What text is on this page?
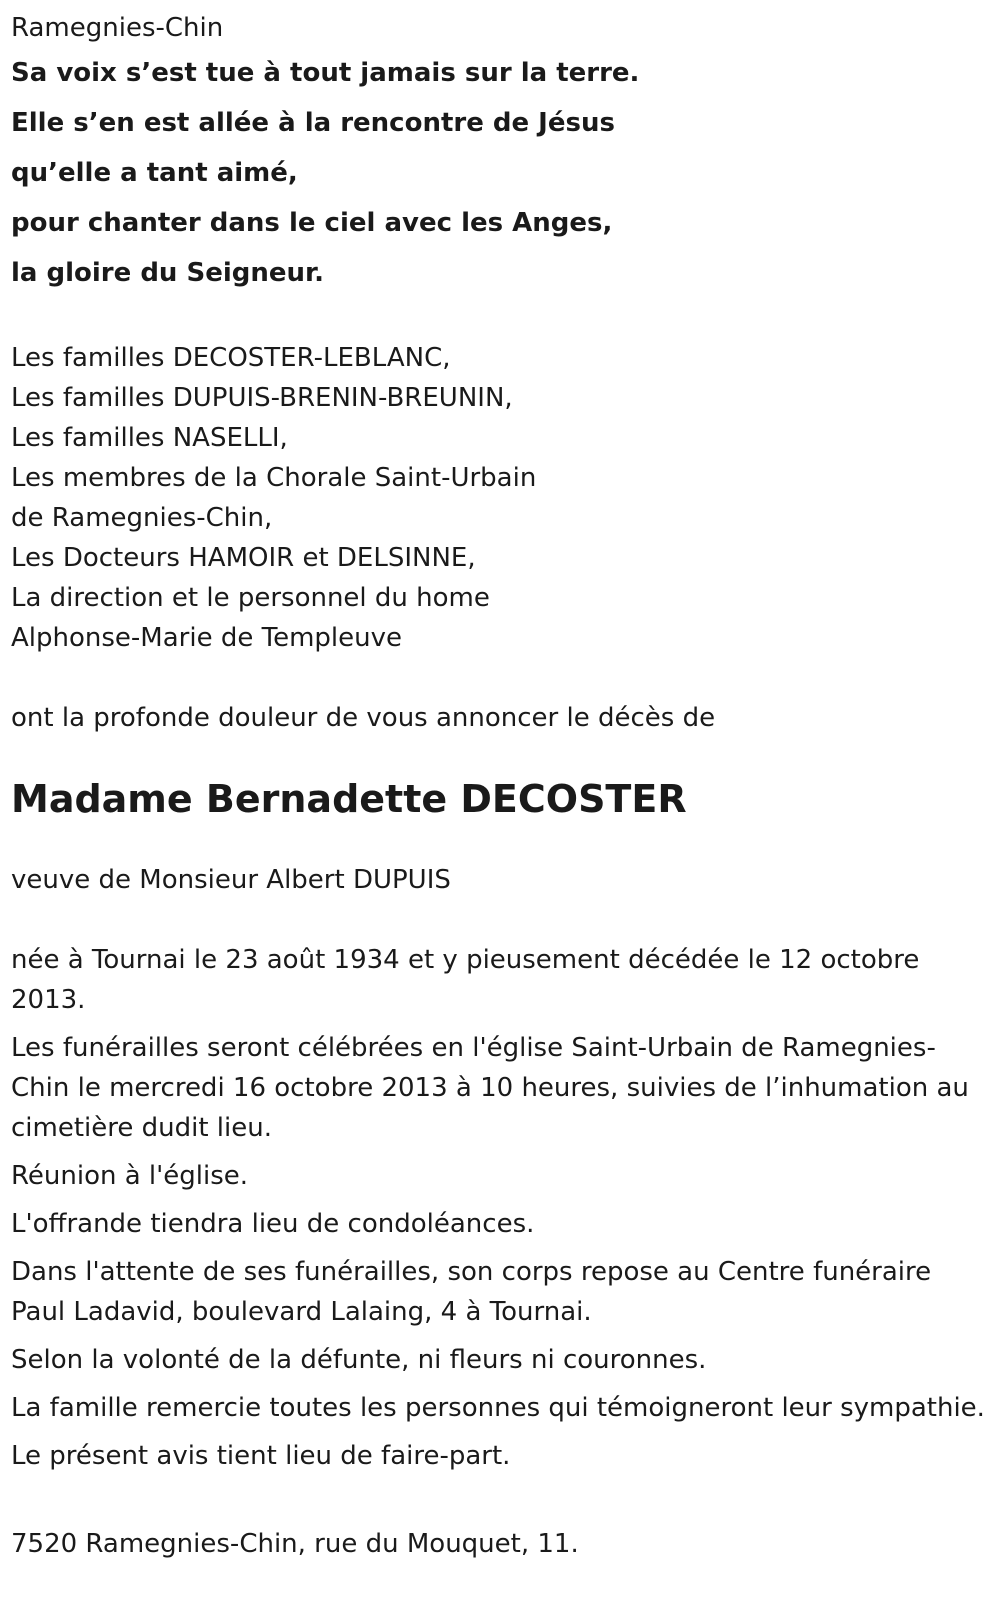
Ramegnies-Chin
Sa voix s’est tue à tout jamais sur la terre.
Elle s’en est allée à la rencontre de Jésus
qu’elle a tant aimé,
pour chanter dans le ciel avec les Anges,
la gloire du Seigneur.
Les familles DECOSTER-LEBLANC,
Les familles DUPUIS-BRENIN-BREUNIN,
Les familles NASELLI,
Les membres de la Chorale Saint-Urbain
de Ramegnies-Chin,
Les Docteurs HAMOIR et DELSINNE,
La direction et le personnel du home
Alphonse-Marie de Templeuve
ont la profonde douleur de vous annoncer le décès de
Madame Bernadette DECOSTER
veuve de Monsieur Albert DUPUIS
née à Tournai le 23 août 1934 et y pieusement décédée le 12 octobre 2013.
Les funérailles seront célébrées en l'église Saint-Urbain de Ramegnies-Chin le mercredi 16 octobre 2013 à 10 heures, suivies de l’inhumation au cimetière dudit lieu.
Réunion à l'église.
L'offrande tiendra lieu de condoléances.
Dans l'attente de ses funérailles, son corps repose au Centre funéraire Paul Ladavid, boulevard Lalaing, 4 à Tournai.
Selon la volonté de la défunte, ni fleurs ni couronnes.
La famille remercie toutes les personnes qui témoigneront leur sympathie.
Le présent avis tient lieu de faire-part.
7520 Ramegnies-Chin, rue du Mouquet, 11.
